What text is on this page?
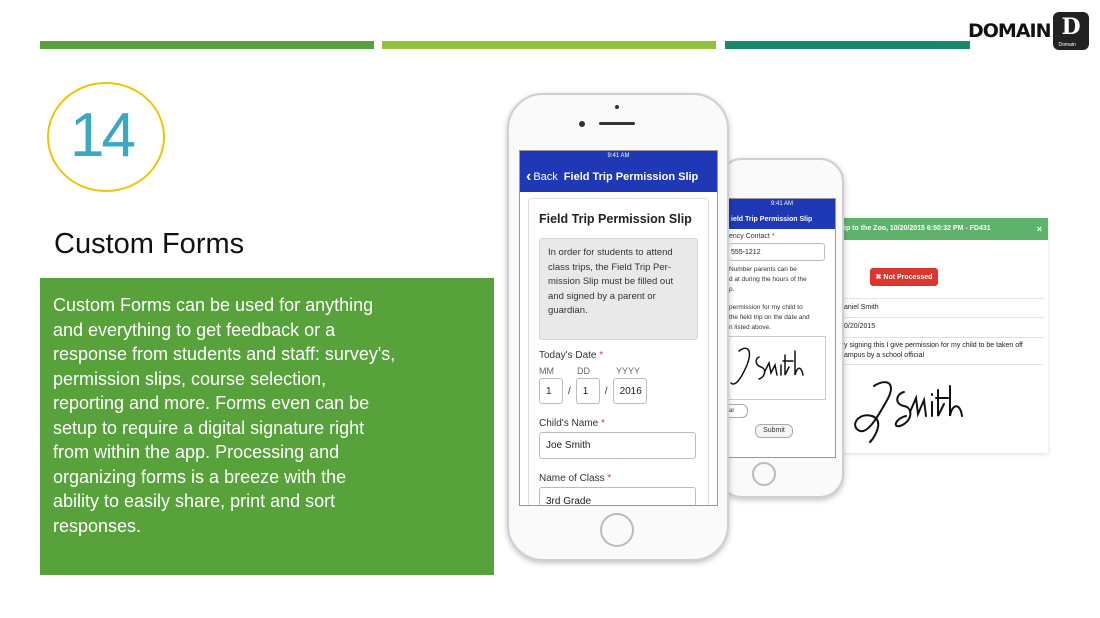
DOMAIN D
Domain
14
Custom Forms
Custom Forms can be used for anything
and everything to get feedback or a
response from students and staff: survey's,
permission slips, course selection,
reporting and more. Forms even can be
setup to require a digital signature right
from within the app. Processing and
organizing forms is a breeze with the
ability to easily share, print and sort
responses.
ip to the Zoo, 10/20/2015 6:50:32 PM - FD431	×
✖ Not Processed
aniel Smith
0/20/2015
y signing this I give permission for my child to be taken off
ampus by a school official
9:41 AM
ield Trip Permission Slip
ency Contact *
555-1212
Number parents can be
d at during the hours of the
p.
permission for my child to
the field trip on the date and
n listed above.
ar
Submit
9:41 AM
‹ Back Field Trip Permission Slip
Field Trip Permission Slip
In order for students to attend
class trips, the Field Trip Per-
mission Slip must be filled out
and signed by a parent or
guardian.
Today's Date *
MM	DD	YYYY
1	/	1	/	2016
Child's Name *
Joe Smith
Name of Class *
3rd Grade
